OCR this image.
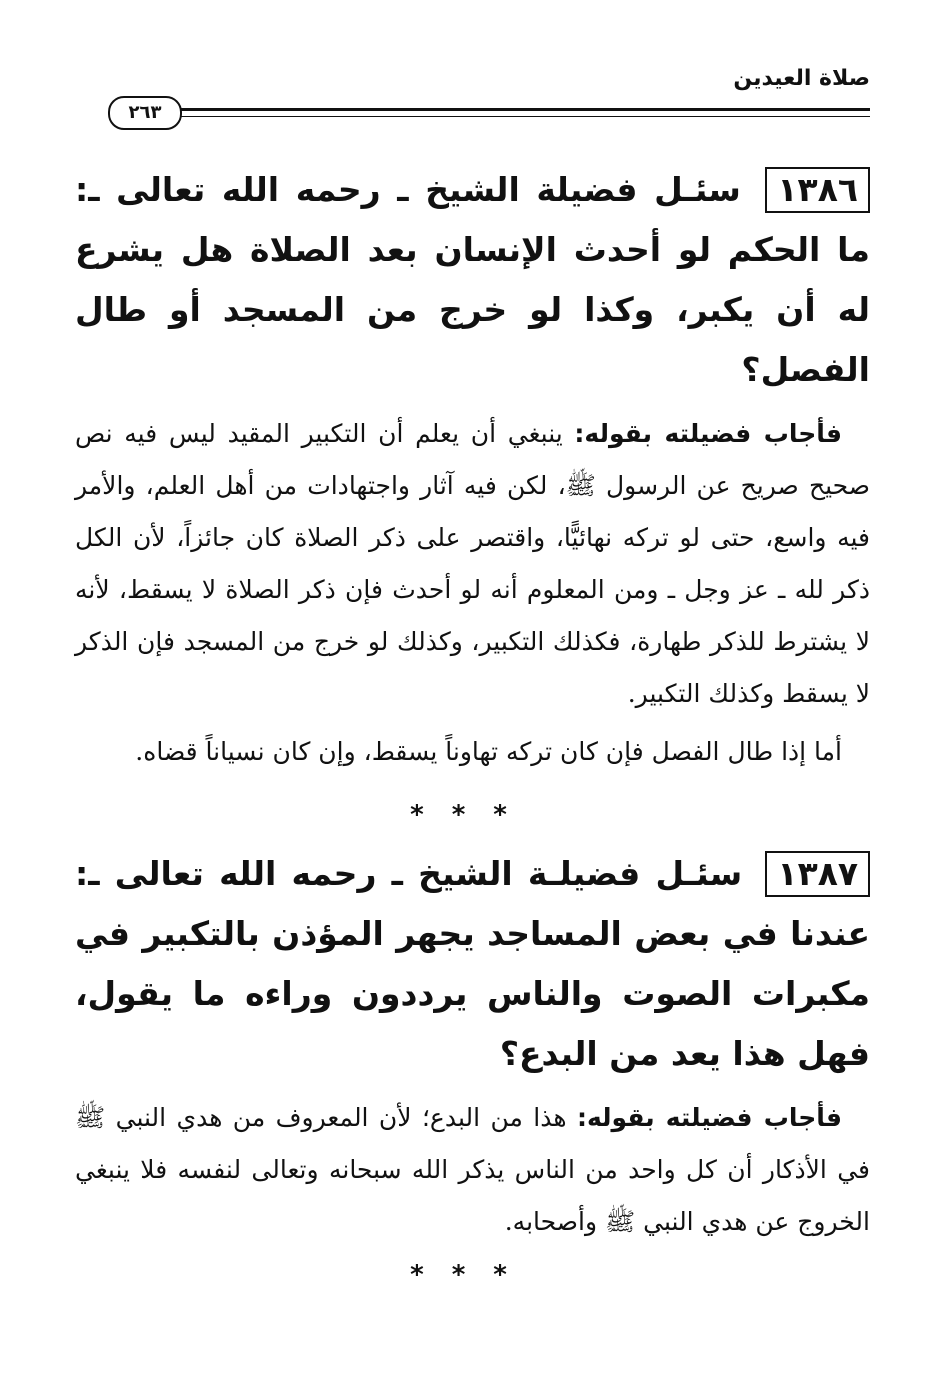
صلاة العيدين
٢٦٣

١٣٨٦ سئـل فضيلة الشيخ ـ رحمه الله تعالى ـ: ما الحكم لو أحدث الإنسان بعد الصلاة هل يشرع له أن يكبر، وكذا لو خرج من المسجد أو طال الفصل؟

فأجاب فضيلته بقوله: ينبغي أن يعلم أن التكبير المقيد ليس فيه نص صحيح صريح عن الرسول ﷺ، لكن فيه آثار واجتهادات من أهل العلم، والأمر فيه واسع، حتى لو تركه نهائيًّا، واقتصر على ذكر الصلاة كان جائزاً، لأن الكل ذكر لله ـ عز وجل ـ ومن المعلوم أنه لو أحدث فإن ذكر الصلاة لا يسقط، لأنه لا يشترط للذكر طهارة، فكذلك التكبير، وكذلك لو خرج من المسجد فإن الذكر لا يسقط وكذلك التكبير.

أما إذا طال الفصل فإن كان تركه تهاوناً يسقط، وإن كان نسياناً قضاه.

***

١٣٨٧ سئـل فضيلـة الشيخ ـ رحمه الله تعالى ـ: عندنا في بعض المساجد يجهر المؤذن بالتكبير في مكبرات الصوت والناس يرددون وراءه ما يقول، فهل هذا يعد من البدع؟

فأجاب فضيلته بقوله: هذا من البدع؛ لأن المعروف من هدي النبي ﷺ في الأذكار أن كل واحد من الناس يذكر الله سبحانه وتعالى لنفسه فلا ينبغي الخروج عن هدي النبي ﷺ وأصحابه.

***
